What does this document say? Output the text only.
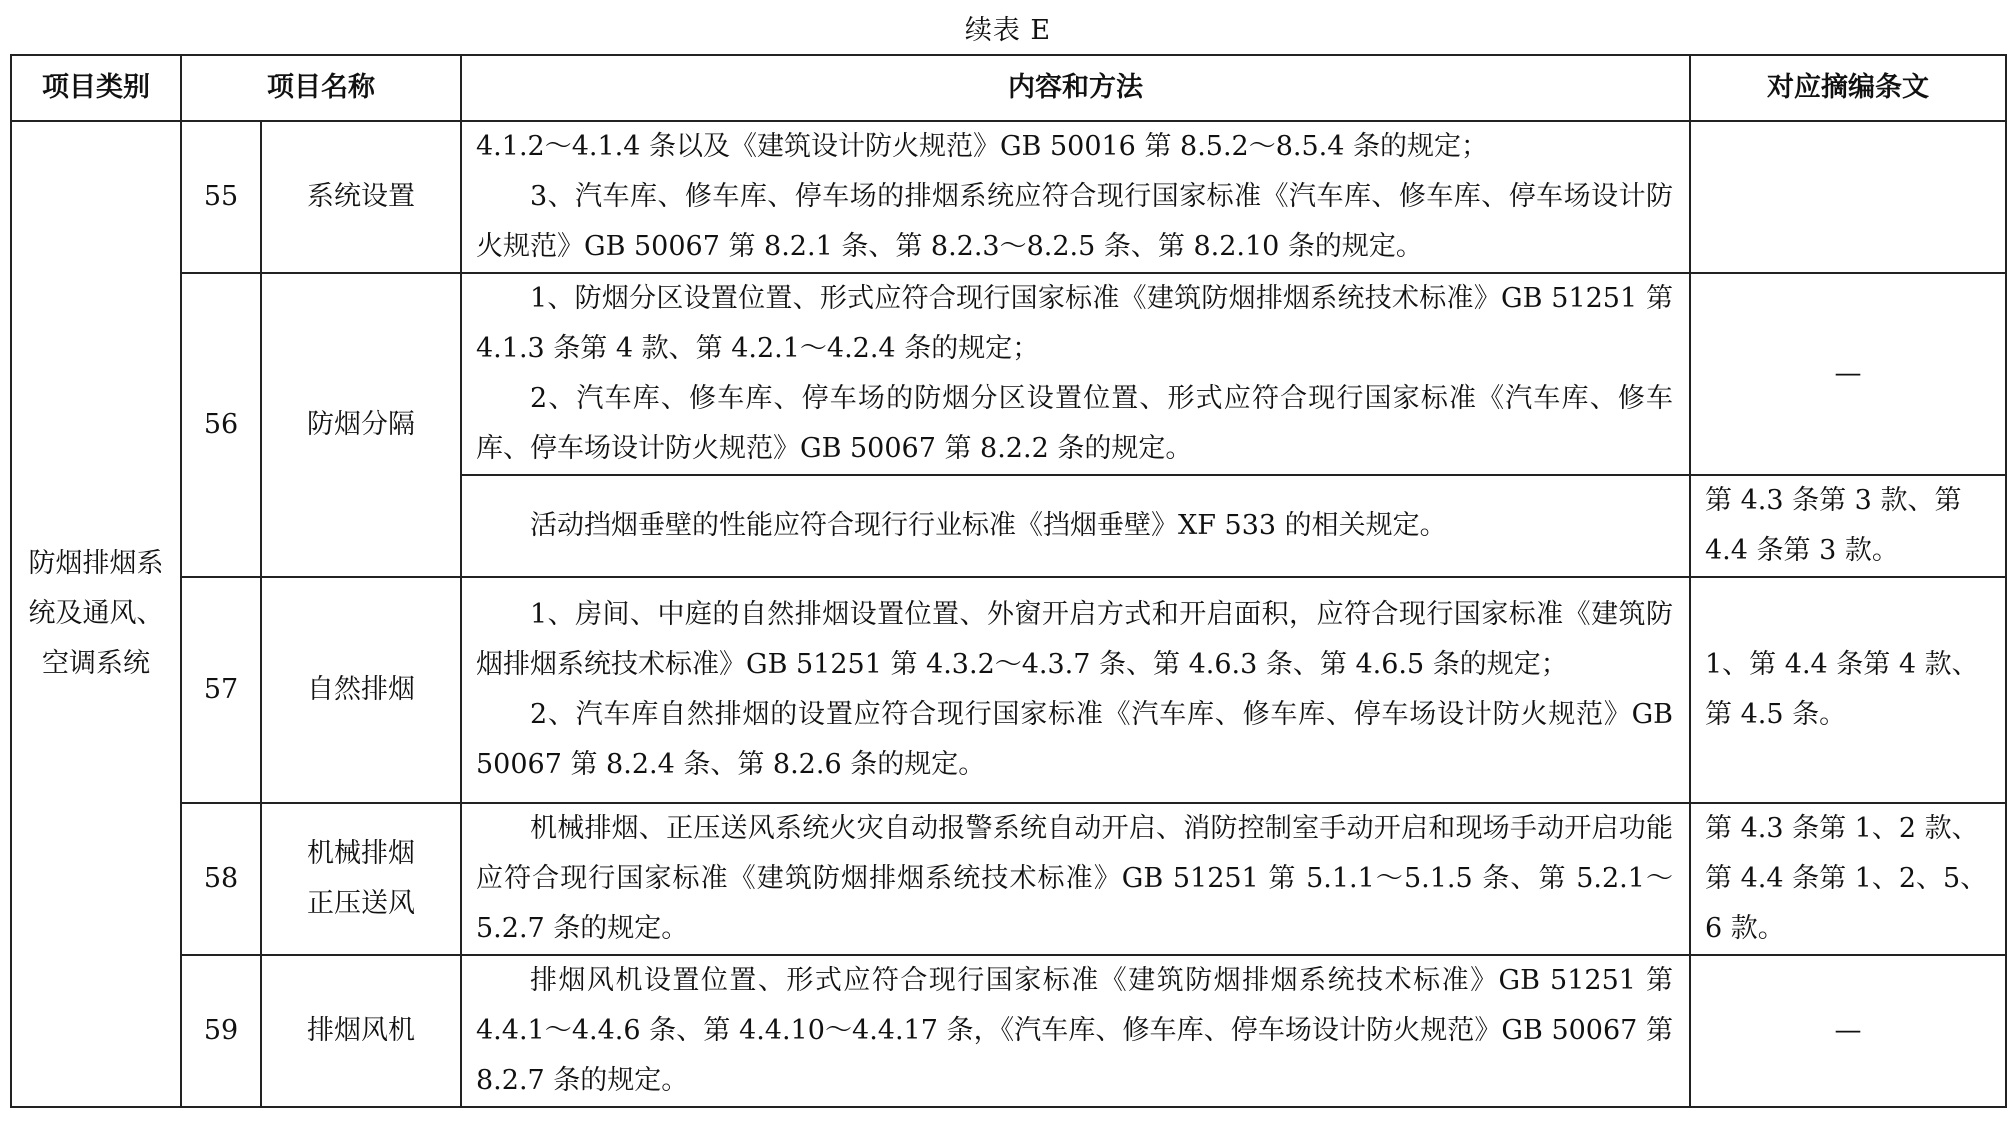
续表 E
项目类别	项目名称		内容和方法	对应摘编条文
防烟排烟系统及通风、空调系统	55	系统设置	4.1.2～4.1.4 条以及《建筑设计防火规范》GB 50016 第 8.5.2～8.5.4 条的规定；

3、汽车库、修车库、停车场的排烟系统应符合现行国家标准《汽车库、修车库、停车场设计防火规范》GB 50067 第 8.2.1 条、第 8.2.3～8.2.5 条、第 8.2.10 条的规定。	

	56	防烟分隔	1、防烟分区设置位置、形式应符合现行国家标准《建筑防烟排烟系统技术标准》GB 51251 第 4.1.3 条第 4 款、第 4.2.1～4.2.4 条的规定；

2、汽车库、修车库、停车场的防烟分区设置位置、形式应符合现行国家标准《汽车库、修车库、停车场设计防火规范》GB 50067 第 8.2.2 条的规定。	—

			活动挡烟垂壁的性能应符合现行行业标准《挡烟垂壁》XF 533 的相关规定。	第 4.3 条第 3 款、第 4.4 条第 3 款。
	57	自然排烟	1、房间、中庭的自然排烟设置位置、外窗开启方式和开启面积，应符合现行国家标准《建筑防烟排烟系统技术标准》GB 51251 第 4.3.2～4.3.7 条、第 4.6.3 条、第 4.6.5 条的规定；

2、汽车库自然排烟的设置应符合现行国家标准《汽车库、修车库、停车场设计防火规范》GB 50067 第 8.2.4 条、第 8.2.6 条的规定。	1、第 4.4 条第 4 款、第 4.5 条。
	58	机械排烟
正压送风	机械排烟、正压送风系统火灾自动报警系统自动开启、消防控制室手动开启和现场手动开启功能应符合现行国家标准《建筑防烟排烟系统技术标准》GB 51251 第 5.1.1～5.1.5 条、第 5.2.1～5.2.7 条的规定。	第 4.3 条第 1、2 款、第 4.4 条第 1、2、5、6 款。
	59	排烟风机	排烟风机设置位置、形式应符合现行国家标准《建筑防烟排烟系统技术标准》GB 51251 第 4.4.1～4.4.6 条、第 4.4.10～4.4.17 条，《汽车库、修车库、停车场设计防火规范》GB 50067 第 8.2.7 条的规定。	—
